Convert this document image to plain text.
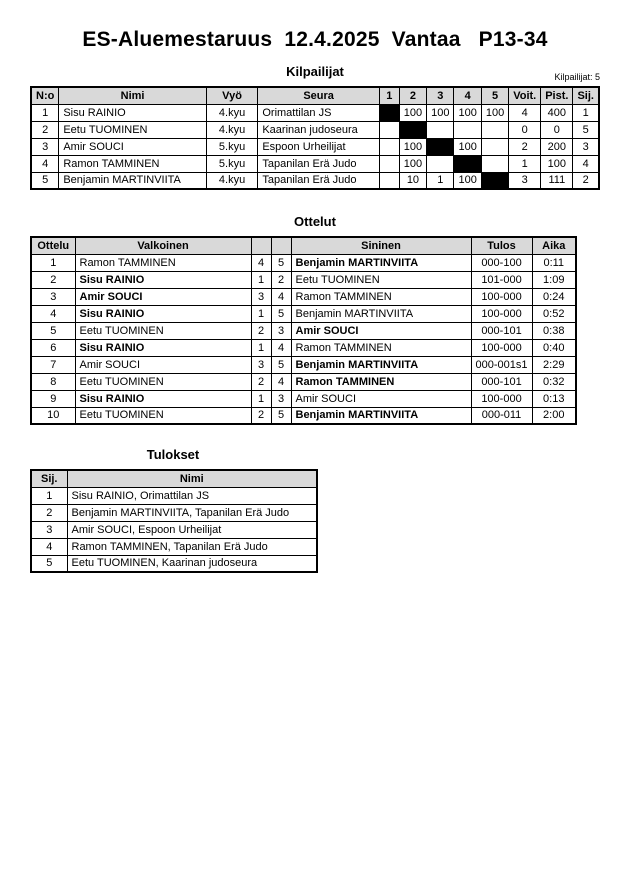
ES-Aluemestaruus  12.4.2025  Vantaa   P13-34
Kilpailijat	Kilpailijat: 5
N:o	Nimi	Vyö	Seura	1	2	3	4	5	Voit.	Pist.	Sij.
1	Sisu RAINIO	4.kyu	Orimattilan JS		100	100	100	100	4	400	1
2	Eetu TUOMINEN	4.kyu	Kaarinan judoseura						0	0	5
3	Amir SOUCI	5.kyu	Espoon Urheilijat		100		100		2	200	3
4	Ramon TAMMINEN	5.kyu	Tapanilan Erä Judo		100				1	100	4
5	Benjamin MARTINVIITA	4.kyu	Tapanilan Erä Judo		10	1	100		3	111	2
Ottelut
Ottelu	Valkoinen			Sininen	Tulos	Aika
1	Ramon TAMMINEN	4	5	Benjamin MARTINVIITA	000-100	0:11
2	Sisu RAINIO	1	2	Eetu TUOMINEN	101-000	1:09
3	Amir SOUCI	3	4	Ramon TAMMINEN	100-000	0:24
4	Sisu RAINIO	1	5	Benjamin MARTINVIITA	100-000	0:52
5	Eetu TUOMINEN	2	3	Amir SOUCI	000-101	0:38
6	Sisu RAINIO	1	4	Ramon TAMMINEN	100-000	0:40
7	Amir SOUCI	3	5	Benjamin MARTINVIITA	000-001s1	2:29
8	Eetu TUOMINEN	2	4	Ramon TAMMINEN	000-101	0:32
9	Sisu RAINIO	1	3	Amir SOUCI	100-000	0:13
10	Eetu TUOMINEN	2	5	Benjamin MARTINVIITA	000-011	2:00
Tulokset
Sij.	Nimi
1	Sisu RAINIO, Orimattilan JS
2	Benjamin MARTINVIITA, Tapanilan Erä Judo
3	Amir SOUCI, Espoon Urheilijat
4	Ramon TAMMINEN, Tapanilan Erä Judo
5	Eetu TUOMINEN, Kaarinan judoseura
